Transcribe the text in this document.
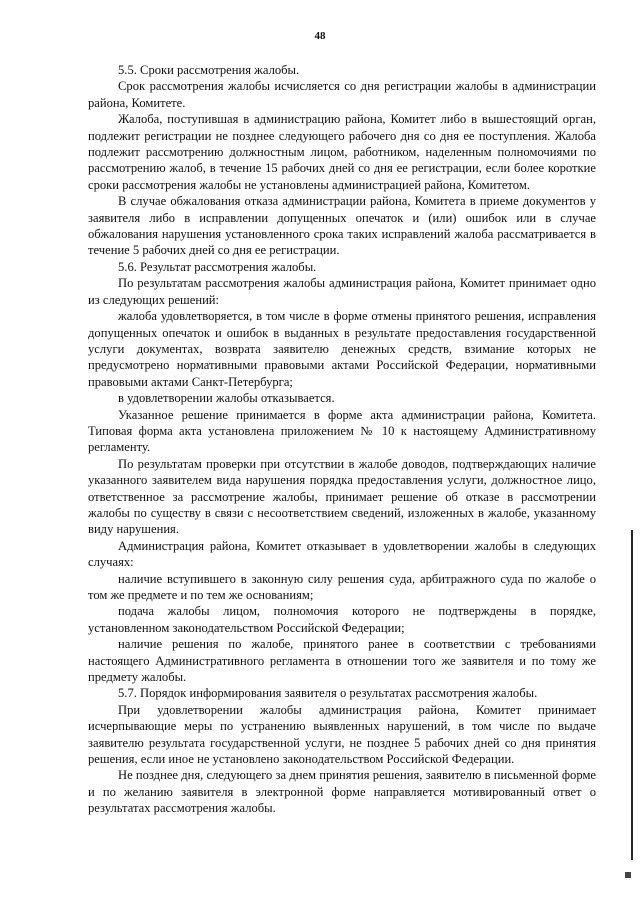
48

5.5. Сроки рассмотрения жалобы.

Срок рассмотрения жалобы исчисляется со дня регистрации жалобы в администрации района, Комитете.

Жалоба, поступившая в администрацию района, Комитет либо в вышестоящий орган, подлежит регистрации не позднее следующего рабочего дня со дня ее поступления. Жалоба подлежит рассмотрению должностным лицом, работником, наделенным полномочиями по рассмотрению жалоб, в течение 15 рабочих дней со дня ее регистрации, если более короткие сроки рассмотрения жалобы не установлены администрацией района, Комитетом.

В случае обжалования отказа администрации района, Комитета в приеме документов у заявителя либо в исправлении допущенных опечаток и (или) ошибок или в случае обжалования нарушения установленного срока таких исправлений жалоба рассматривается в течение 5 рабочих дней со дня ее регистрации.

5.6. Результат рассмотрения жалобы.

По результатам рассмотрения жалобы администрация района, Комитет принимает одно из следующих решений:

жалоба удовлетворяется, в том числе в форме отмены принятого решения, исправления допущенных опечаток и ошибок в выданных в результате предоставления государственной услуги документах, возврата заявителю денежных средств, взимание которых не предусмотрено нормативными правовыми актами Российской Федерации, нормативными правовыми актами Санкт-Петербурга;

в удовлетворении жалобы отказывается.

Указанное решение принимается в форме акта администрации района, Комитета. Типовая форма акта установлена приложением № 10 к настоящему Административному регламенту.

По результатам проверки при отсутствии в жалобе доводов, подтверждающих наличие указанного заявителем вида нарушения порядка предоставления услуги, должностное лицо, ответственное за рассмотрение жалобы, принимает решение об отказе в рассмотрении жалобы по существу в связи с несоответствием сведений, изложенных в жалобе, указанному виду нарушения.

Администрация района, Комитет отказывает в удовлетворении жалобы в следующих случаях:

наличие вступившего в законную силу решения суда, арбитражного суда по жалобе о том же предмете и по тем же основаниям;

подача жалобы лицом, полномочия которого не подтверждены в порядке, установленном законодательством Российской Федерации;

наличие решения по жалобе, принятого ранее в соответствии с требованиями настоящего Административного регламента в отношении того же заявителя и по тому же предмету жалобы.

5.7. Порядок информирования заявителя о результатах рассмотрения жалобы.

При удовлетворении жалобы администрация района, Комитет принимает исчерпывающие меры по устранению выявленных нарушений, в том числе по выдаче заявителю результата государственной услуги, не позднее 5 рабочих дней со дня принятия решения, если иное не установлено законодательством Российской Федерации.

Не позднее дня, следующего за днем принятия решения, заявителю в письменной форме и по желанию заявителя в электронной форме направляется мотивированный ответ о результатах рассмотрения жалобы.
